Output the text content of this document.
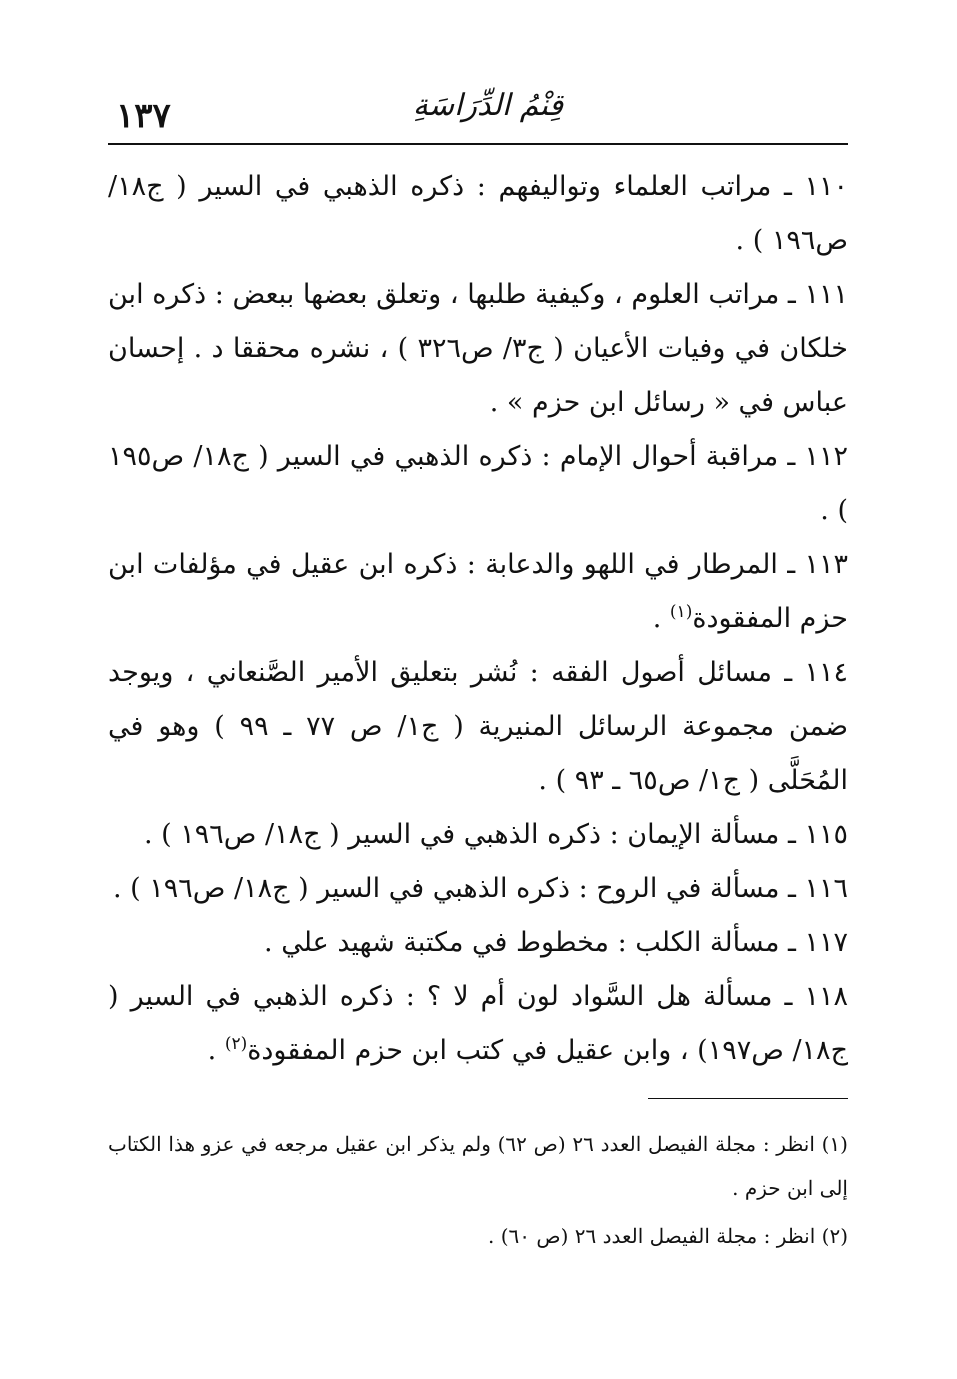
١٣٧	قِنْمُ الدِّرَاسَةِ

١١٠ ـ مراتب العلماء وتواليفهم : ذكره الذهبي في السير ( ج١٨/ ص١٩٦ ) .

١١١ ـ مراتب العلوم ، وكيفية طلبها ، وتعلق بعضها ببعض : ذكره ابن خلكان في وفيات الأعيان ( ج٣/ ص٣٢٦ ) ، نشره محققا د . إحسان عباس في « رسائل ابن حزم » .

١١٢ ـ مراقبة أحوال الإمام : ذكره الذهبي في السير ( ج١٨/ ص١٩٥ ) .

١١٣ ـ المرطار في اللهو والدعابة : ذكره ابن عقيل في مؤلفات ابن حزم المفقودة$^{(١)}$ .

١١٤ ـ مسائل أصول الفقه : نُشر بتعليق الأمير الصَّنعاني ، ويوجد ضمن مجموعة الرسائل المنيرية ( ج١/ ص ٧٧ ـ ٩٩ ) وهو في المُحَلَّى ( ج١/ ص٦٥ ـ ٩٣ ) .

١١٥ ـ مسألة الإيمان : ذكره الذهبي في السير ( ج١٨/ ص١٩٦ ) .

١١٦ ـ مسألة في الروح : ذكره الذهبي في السير ( ج١٨/ ص١٩٦ ) .

١١٧ ـ مسألة الكلب : مخطوط في مكتبة شهيد علي .

١١٨ ـ مسألة هل السَّواد لون أم لا ؟ : ذكره الذهبي في السير ( ج١٨/ ص١٩٧) ، وابن عقيل في كتب ابن حزم المفقودة$^{(٢)}$ .

(١) انظر : مجلة الفيصل العدد ٢٦ (ص ٦٢) ولم يذكر ابن عقيل مرجعه في عزو هذا الكتاب إلى ابن حزم .

(٢) انظر : مجلة الفيصل العدد ٢٦ (ص ٦٠) .
